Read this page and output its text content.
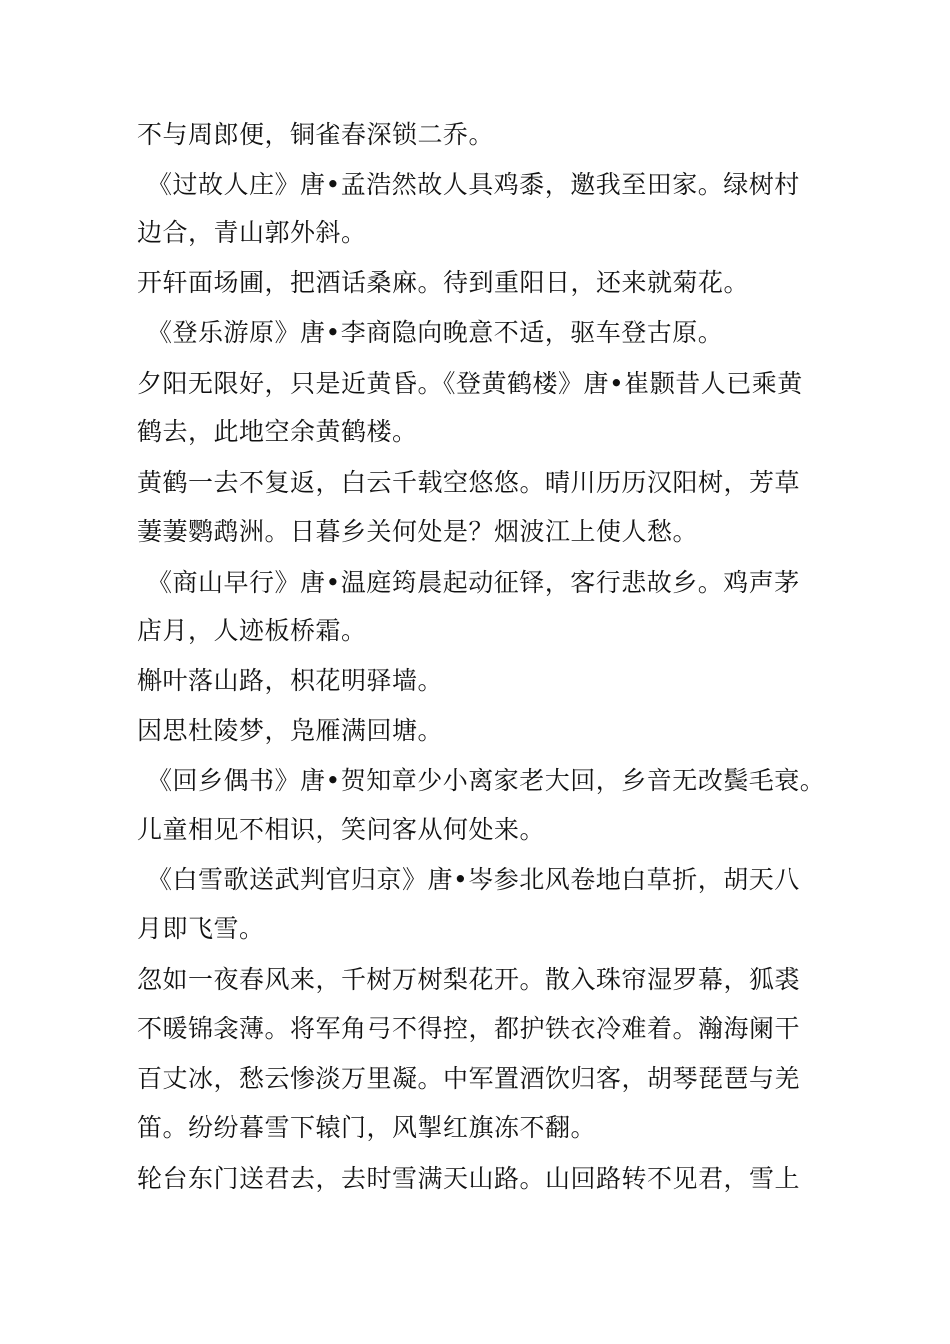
不与周郎便，铜雀春深锁二乔。
《过故人庄》唐•孟浩然故人具鸡黍，邀我至田家。绿树村
边合，青山郭外斜。
开轩面场圃，把酒话桑麻。待到重阳日，还来就菊花。
《登乐游原》唐•李商隐向晚意不适，驱车登古原。
夕阳无限好，只是近黄昏。《登黄鹤楼》唐•崔颢昔人已乘黄
鹤去，此地空余黄鹤楼。
黄鹤一去不复返，白云千载空悠悠。晴川历历汉阳树，芳草
萋萋鹦鹉洲。日暮乡关何处是？烟波江上使人愁。
《商山早行》唐•温庭筠晨起动征铎，客行悲故乡。鸡声茅
店月，人迹板桥霜。
槲叶落山路，枳花明驿墙。
因思杜陵梦，凫雁满回塘。
《回乡偶书》唐•贺知章少小离家老大回，乡音无改鬓毛衰。
儿童相见不相识，笑问客从何处来。
《白雪歌送武判官归京》唐•岑参北风卷地白草折，胡天八
月即飞雪。
忽如一夜春风来，千树万树梨花开。散入珠帘湿罗幕，狐裘
不暖锦衾薄。将军角弓不得控，都护铁衣冷难着。瀚海阑干
百丈冰，愁云惨淡万里凝。中军置酒饮归客，胡琴琵琶与羌
笛。纷纷暮雪下辕门，风掣红旗冻不翻。
轮台东门送君去，去时雪满天山路。山回路转不见君，雪上
